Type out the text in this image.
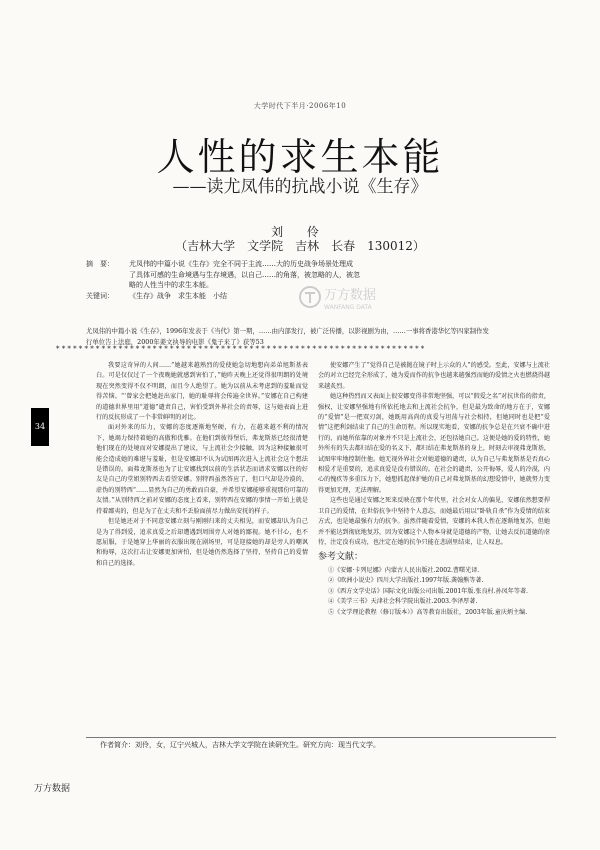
大学时代下半月·2006年10
人性的求生本能
——读尤凤伟的抗战小说《生存》
刘 伶
（吉林大学　文学院　吉林　长春　130012）
摘　要： 尤凤伟的中篇小说《生存》完全不同于主流……大的历史战争场景处理成
了具体可感的生命境遇与生存境遇，以自己……的角落，被忽略的人，被忽
略的人性当中的求生本能。
关键词： 《生存》战争　求生本能　小结	万方数据
WANFANG DATA
尤凤伟的中篇小说《生存》，1996年发表于《当代》第一期，……由内部发行，被广泛传播，以影视剧为由，……一事将香港华忆等四家制作发
行单位告上法庭，2000年姜文执导的电影《鬼子来了》获等53
*****************************************************************
34

我要这奇异的人间……”她越来越熟烈的爱使她急切地想向弟弟旭斯基表白。可是仅仅过了一个夜晚她就感到害怕了，”她昨天晚上还觉得很明朗的处境现在突然变得不仅不明朗，而且令人绝望了。她为以前从未考虑到的羞耻而觉得苦恼。“‘曾家会把她赶出家门，她的耻辱将会传遍全世界。”安娜在自己构建的道德世界里用“道德”谴责自己，害怕受到外界社会的责辱，这与她表面上进行的反抗形成了一个非常鲜明的对比。

面对外来的压力，安娜的态度逐渐地坚硬，有力，在越来越不利的情况下，她竭力保持着她的高傲和优雅。在他们到彼得堡后，弗龙斯基已经很清楚他们现在的处境而对安娜提出了建议，与上流社会少接触，因为这种接触很可能会造成她的难堪与羞耻，但是安娜却不认为试图再次进入上流社会这个想法是错误的。面弗龙斯基也为了让安娜找到以前的生活状态而请求安娜以往的好友是自己的堂姐别特西去看望安娜。别特西虽然答应了，但口气却是冷漠的，虚伪的别特西“……显然为自己的勇敢而自豪，并希望安娜能够重视那份可靠的友情。”从别特西之前对安娜的态度上看来，别特西在安娜的事情一开始上就是持着鄙夷的，但是为了在丈夫和不丢脸面前尽力做出安抚的样子。

但是她还对于不同意安娜立刻与刚刚归来的丈夫相见，而安娜却认为自己是为了得到爱，追求真爱之后却遭遇到周围旁人对她的鄙视。她不甘心，也不愿屈服，于是她穿上华丽的衣服出现在剧场里，可是迎接她的却是旁人的嘲讽和侮辱，这次打击让安娜更加害怕，但是她仍然选择了坚持，坚持自己的爱情和自己的选择。

使安娜产生了“觉得自己是被抛在镜子时上示众的人”的感受。至此，安娜与上流社会的对立已经完全形成了，她为爱而作的抗争也越来越强烈而她的爱情之火也燃烧得越来越炙烈。

她这种热烈而又表面上很安娜变得非常地坚强，可以“假爱之名”对抗世俗的指责，强权，让安娜坚强地有所依托地去和上流社会抗争，但是最为致命的地方在于，安娜的“爱情”是一把双刃剑，她既用高尚的真爱与坦荡与社会相持，但她同时也是把“爱情”这把利剑结束了自己的生命历程。所以现实地看，安娜的抗争总是在兴衰不确中进行的，而她所依靠的对象并不只是上流社会，还包括她自己。这便是她的爱的特性，她外所有的失去都归结在爱的名义下，都归结在弗龙斯基的身上，时刻去审视弗龙斯基，试图牢牢地控制住他。她无视外界社会对她道德的谴责，认为自己与弗龙斯基是否真心相爱才是重要的，追求真爱是没有错误的。在社会的谴责，公开侮辱，爱人的冷漠，内心的愧疚等多重压力下，她想抓起保护她的自己对弗龙斯基的幻想爱情中，她就努力变得更加无理，无法理解。

这些也是通过安娜之死来反映在那个年代里，社会对女人的偏见，安娜依然想要捍卫自己的爱情，在世俗抗争中坚持个人意志，而她最后用以“卧轨自杀”作为爱情的结束方式，也是她最强有力的抗争。虽然伴随着爱情，安娜的本我人性在逐渐地复苏，但她并不能达到彻底地复苏，因为安娜这个人物本身就是道德的产物，让她去反抗道德的虐待，注定没有成功，也注定在她的抗争只能在悲剧里结束，让人叹息。

参考文献：
①《安娜·卡列尼娜》内蒙古人民出版社.2002.曹曙光译.
②《欧洲小说史》四川大学出版社.1997年版.龚翰熊等著.
③《西方文学史话》国际文化出版公司出版.2001年版.张良村.孙凤年等著.
④《美学三书》天津社会科学院出版社.2003.李泽厚著.
⑤《文学理论教程（修订版本）》高等教育出版社，2003年版.童庆炳主编.
作者简介：刘伶，女，辽宁兴城人，吉林大学文学院在读研究生。研究方向：现当代文学。
万方数据
